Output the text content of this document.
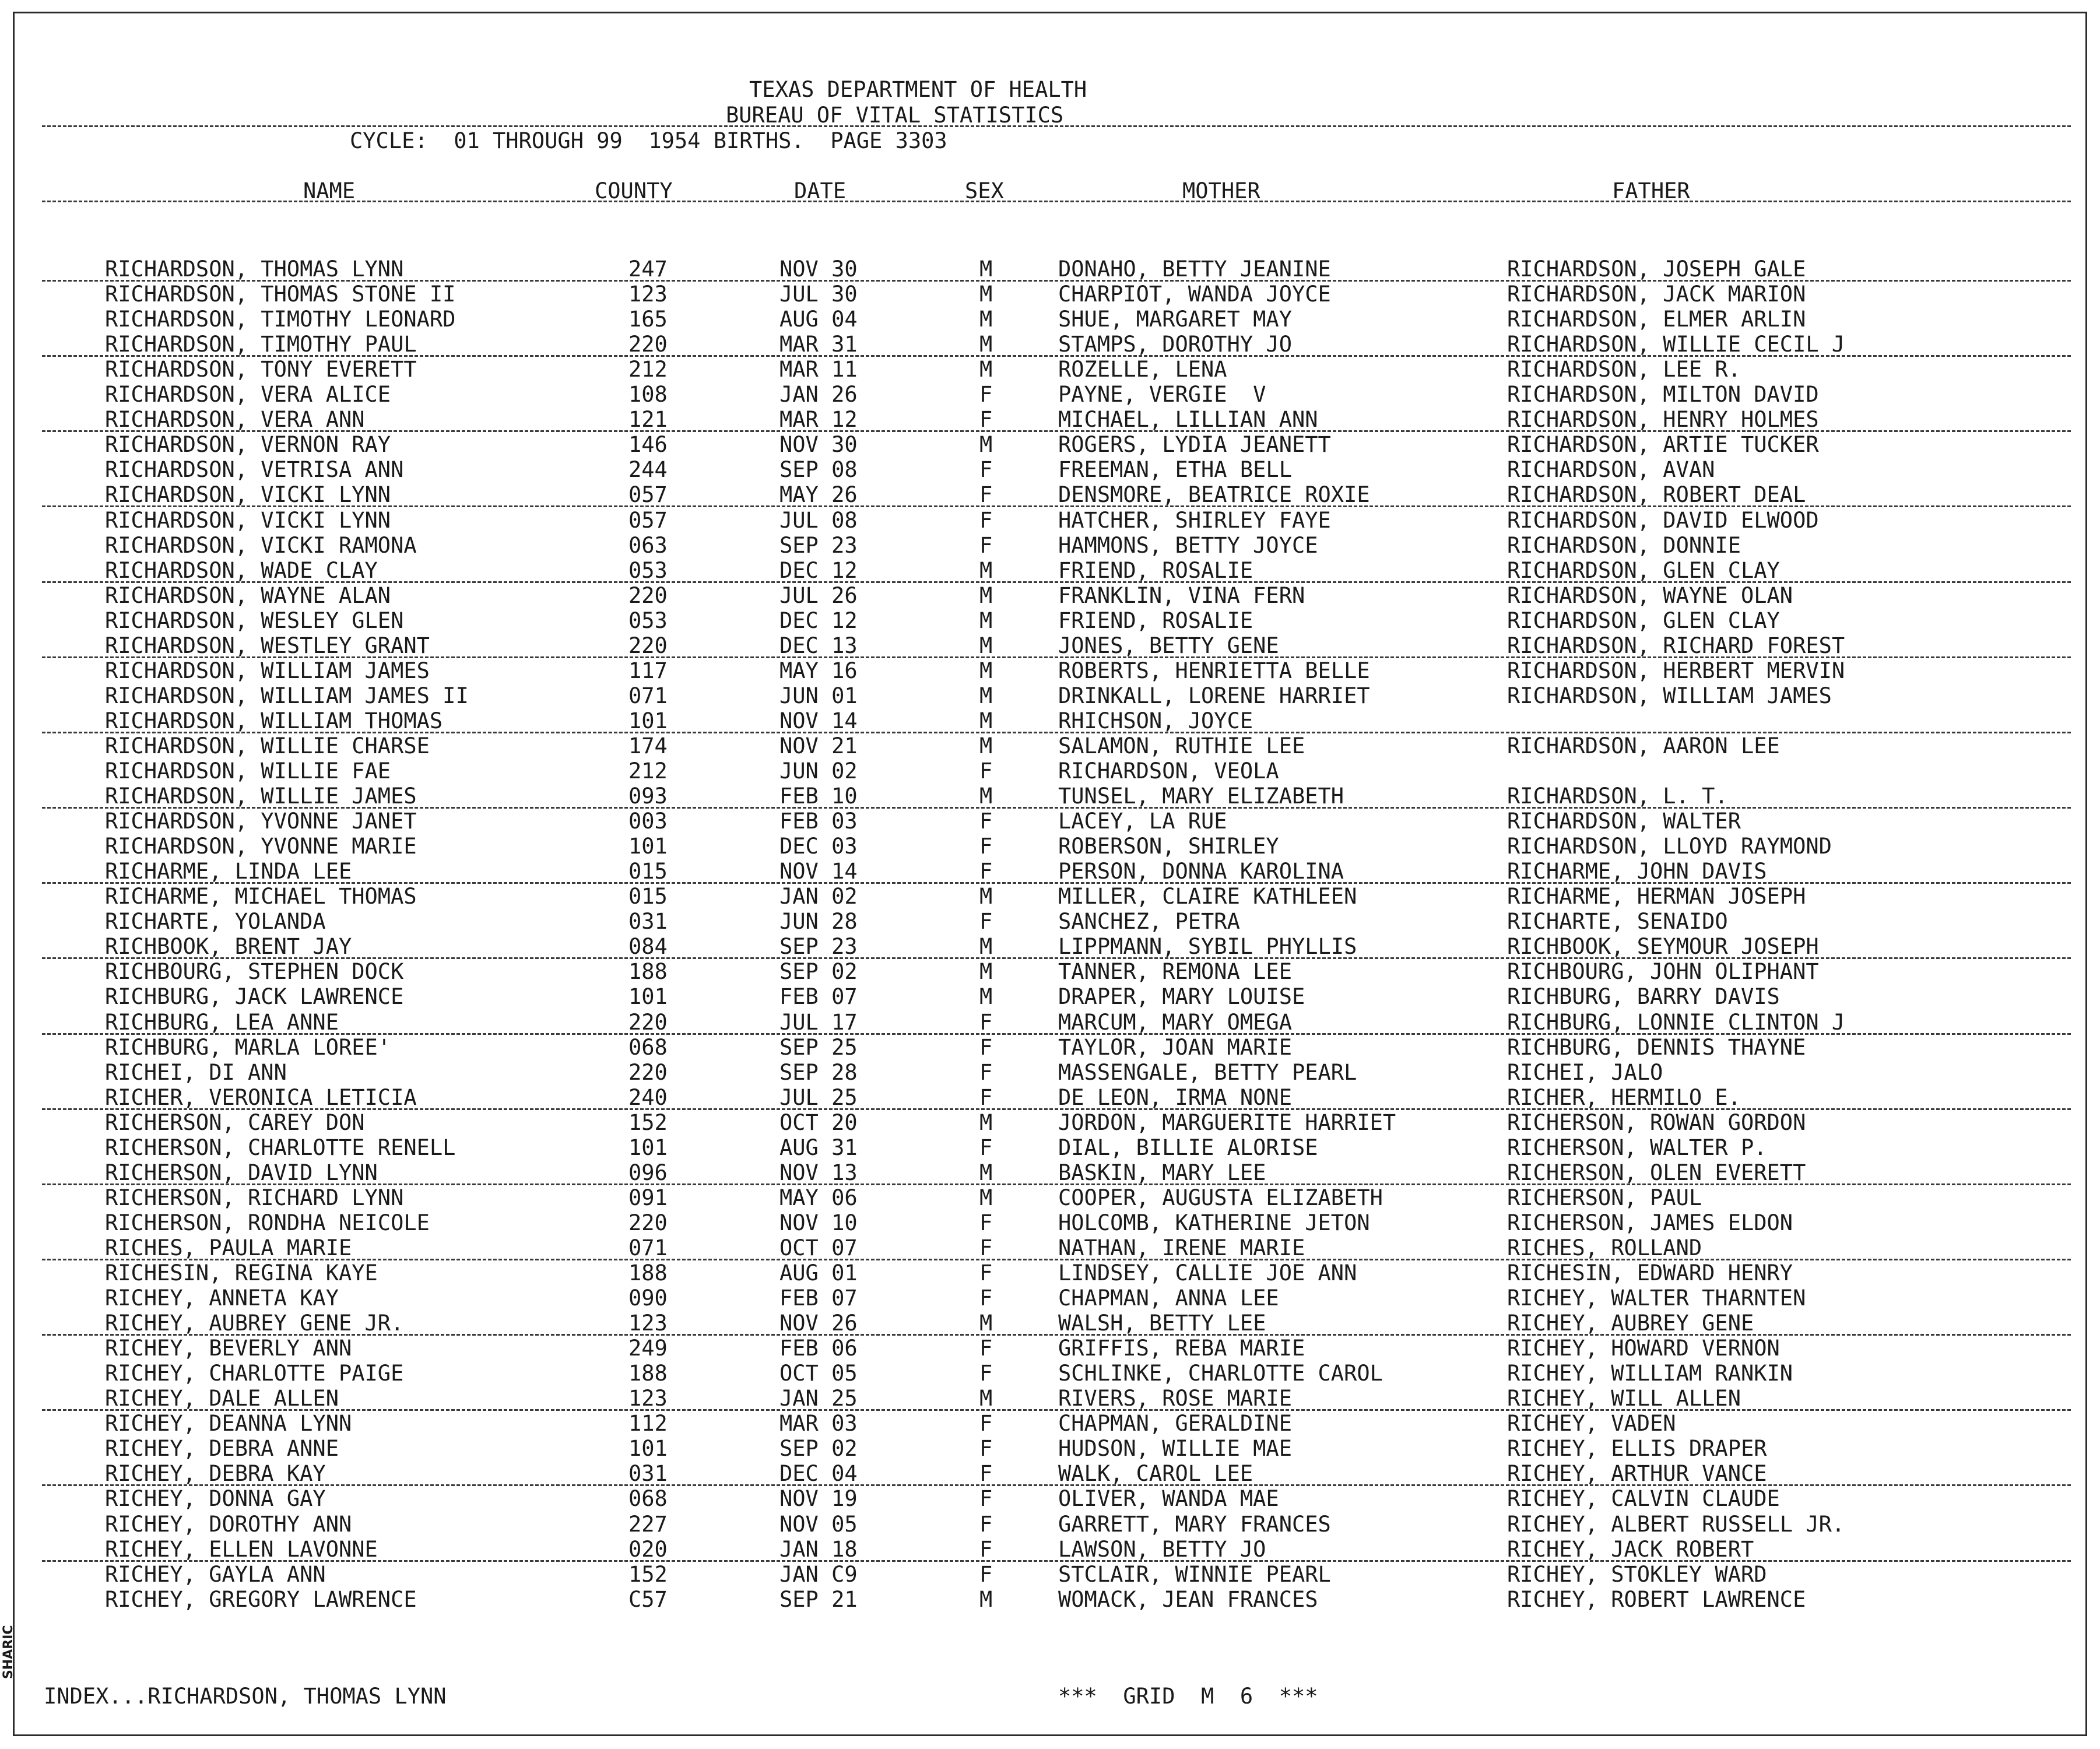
TEXAS DEPARTMENT OF HEALTH
BUREAU OF VITAL STATISTICS
CYCLE:  01 THROUGH 99  1954 BIRTHS.  PAGE 3303
NAME	COUNTY	DATE	SEX	MOTHER	FATHER
RICHARDSON, THOMAS LYNN	247	NOV 30	M	DONAHO, BETTY JEANINE	RICHARDSON, JOSEPH GALE
RICHARDSON, THOMAS STONE II	123	JUL 30	M	CHARPIOT, WANDA JOYCE	RICHARDSON, JACK MARION
RICHARDSON, TIMOTHY LEONARD	165	AUG 04	M	SHUE, MARGARET MAY	RICHARDSON, ELMER ARLIN
RICHARDSON, TIMOTHY PAUL	220	MAR 31	M	STAMPS, DOROTHY JO	RICHARDSON, WILLIE CECIL J
RICHARDSON, TONY EVERETT	212	MAR 11	M	ROZELLE, LENA	RICHARDSON, LEE R.
RICHARDSON, VERA ALICE	108	JAN 26	F	PAYNE, VERGIE  V	RICHARDSON, MILTON DAVID
RICHARDSON, VERA ANN	121	MAR 12	F	MICHAEL, LILLIAN ANN	RICHARDSON, HENRY HOLMES
RICHARDSON, VERNON RAY	146	NOV 30	M	ROGERS, LYDIA JEANETT	RICHARDSON, ARTIE TUCKER
RICHARDSON, VETRISA ANN	244	SEP 08	F	FREEMAN, ETHA BELL	RICHARDSON, AVAN
RICHARDSON, VICKI LYNN	057	MAY 26	F	DENSMORE, BEATRICE ROXIE	RICHARDSON, ROBERT DEAL
RICHARDSON, VICKI LYNN	057	JUL 08	F	HATCHER, SHIRLEY FAYE	RICHARDSON, DAVID ELWOOD
RICHARDSON, VICKI RAMONA	063	SEP 23	F	HAMMONS, BETTY JOYCE	RICHARDSON, DONNIE
RICHARDSON, WADE CLAY	053	DEC 12	M	FRIEND, ROSALIE	RICHARDSON, GLEN CLAY
RICHARDSON, WAYNE ALAN	220	JUL 26	M	FRANKLIN, VINA FERN	RICHARDSON, WAYNE OLAN
RICHARDSON, WESLEY GLEN	053	DEC 12	M	FRIEND, ROSALIE	RICHARDSON, GLEN CLAY
RICHARDSON, WESTLEY GRANT	220	DEC 13	M	JONES, BETTY GENE	RICHARDSON, RICHARD FOREST
RICHARDSON, WILLIAM JAMES	117	MAY 16	M	ROBERTS, HENRIETTA BELLE	RICHARDSON, HERBERT MERVIN
RICHARDSON, WILLIAM JAMES II	071	JUN 01	M	DRINKALL, LORENE HARRIET	RICHARDSON, WILLIAM JAMES
RICHARDSON, WILLIAM THOMAS	101	NOV 14	M	RHICHSON, JOYCE
RICHARDSON, WILLIE CHARSE	174	NOV 21	M	SALAMON, RUTHIE LEE	RICHARDSON, AARON LEE
RICHARDSON, WILLIE FAE	212	JUN 02	F	RICHARDSON, VEOLA
RICHARDSON, WILLIE JAMES	093	FEB 10	M	TUNSEL, MARY ELIZABETH	RICHARDSON, L. T.
RICHARDSON, YVONNE JANET	003	FEB 03	F	LACEY, LA RUE	RICHARDSON, WALTER
RICHARDSON, YVONNE MARIE	101	DEC 03	F	ROBERSON, SHIRLEY	RICHARDSON, LLOYD RAYMOND
RICHARME, LINDA LEE	015	NOV 14	F	PERSON, DONNA KAROLINA	RICHARME, JOHN DAVIS
RICHARME, MICHAEL THOMAS	015	JAN 02	M	MILLER, CLAIRE KATHLEEN	RICHARME, HERMAN JOSEPH
RICHARTE, YOLANDA	031	JUN 28	F	SANCHEZ, PETRA	RICHARTE, SENAIDO
RICHBOOK, BRENT JAY	084	SEP 23	M	LIPPMANN, SYBIL PHYLLIS	RICHBOOK, SEYMOUR JOSEPH
RICHBOURG, STEPHEN DOCK	188	SEP 02	M	TANNER, REMONA LEE	RICHBOURG, JOHN OLIPHANT
RICHBURG, JACK LAWRENCE	101	FEB 07	M	DRAPER, MARY LOUISE	RICHBURG, BARRY DAVIS
RICHBURG, LEA ANNE	220	JUL 17	F	MARCUM, MARY OMEGA	RICHBURG, LONNIE CLINTON J
RICHBURG, MARLA LOREE'	068	SEP 25	F	TAYLOR, JOAN MARIE	RICHBURG, DENNIS THAYNE
RICHEI, DI ANN	220	SEP 28	F	MASSENGALE, BETTY PEARL	RICHEI, JALO
RICHER, VERONICA LETICIA	240	JUL 25	F	DE LEON, IRMA NONE	RICHER, HERMILO E.
RICHERSON, CAREY DON	152	OCT 20	M	JORDON, MARGUERITE HARRIET	RICHERSON, ROWAN GORDON
RICHERSON, CHARLOTTE RENELL	101	AUG 31	F	DIAL, BILLIE ALORISE	RICHERSON, WALTER P.
RICHERSON, DAVID LYNN	096	NOV 13	M	BASKIN, MARY LEE	RICHERSON, OLEN EVERETT
RICHERSON, RICHARD LYNN	091	MAY 06	M	COOPER, AUGUSTA ELIZABETH	RICHERSON, PAUL
RICHERSON, RONDHA NEICOLE	220	NOV 10	F	HOLCOMB, KATHERINE JETON	RICHERSON, JAMES ELDON
RICHES, PAULA MARIE	071	OCT 07	F	NATHAN, IRENE MARIE	RICHES, ROLLAND
RICHESIN, REGINA KAYE	188	AUG 01	F	LINDSEY, CALLIE JOE ANN	RICHESIN, EDWARD HENRY
RICHEY, ANNETA KAY	090	FEB 07	F	CHAPMAN, ANNA LEE	RICHEY, WALTER THARNTEN
RICHEY, AUBREY GENE JR.	123	NOV 26	M	WALSH, BETTY LEE	RICHEY, AUBREY GENE
RICHEY, BEVERLY ANN	249	FEB 06	F	GRIFFIS, REBA MARIE	RICHEY, HOWARD VERNON
RICHEY, CHARLOTTE PAIGE	188	OCT 05	F	SCHLINKE, CHARLOTTE CAROL	RICHEY, WILLIAM RANKIN
RICHEY, DALE ALLEN	123	JAN 25	M	RIVERS, ROSE MARIE	RICHEY, WILL ALLEN
RICHEY, DEANNA LYNN	112	MAR 03	F	CHAPMAN, GERALDINE	RICHEY, VADEN
RICHEY, DEBRA ANNE	101	SEP 02	F	HUDSON, WILLIE MAE	RICHEY, ELLIS DRAPER
RICHEY, DEBRA KAY	031	DEC 04	F	WALK, CAROL LEE	RICHEY, ARTHUR VANCE
RICHEY, DONNA GAY	068	NOV 19	F	OLIVER, WANDA MAE	RICHEY, CALVIN CLAUDE
RICHEY, DOROTHY ANN	227	NOV 05	F	GARRETT, MARY FRANCES	RICHEY, ALBERT RUSSELL JR.
RICHEY, ELLEN LAVONNE	020	JAN 18	F	LAWSON, BETTY JO	RICHEY, JACK ROBERT
RICHEY, GAYLA ANN	152	JAN C9	F	STCLAIR, WINNIE PEARL	RICHEY, STOKLEY WARD
RICHEY, GREGORY LAWRENCE	C57	SEP 21	M	WOMACK, JEAN FRANCES	RICHEY, ROBERT LAWRENCE
INDEX...RICHARDSON, THOMAS LYNN	***  GRID  M  6  ***
SHARIC
